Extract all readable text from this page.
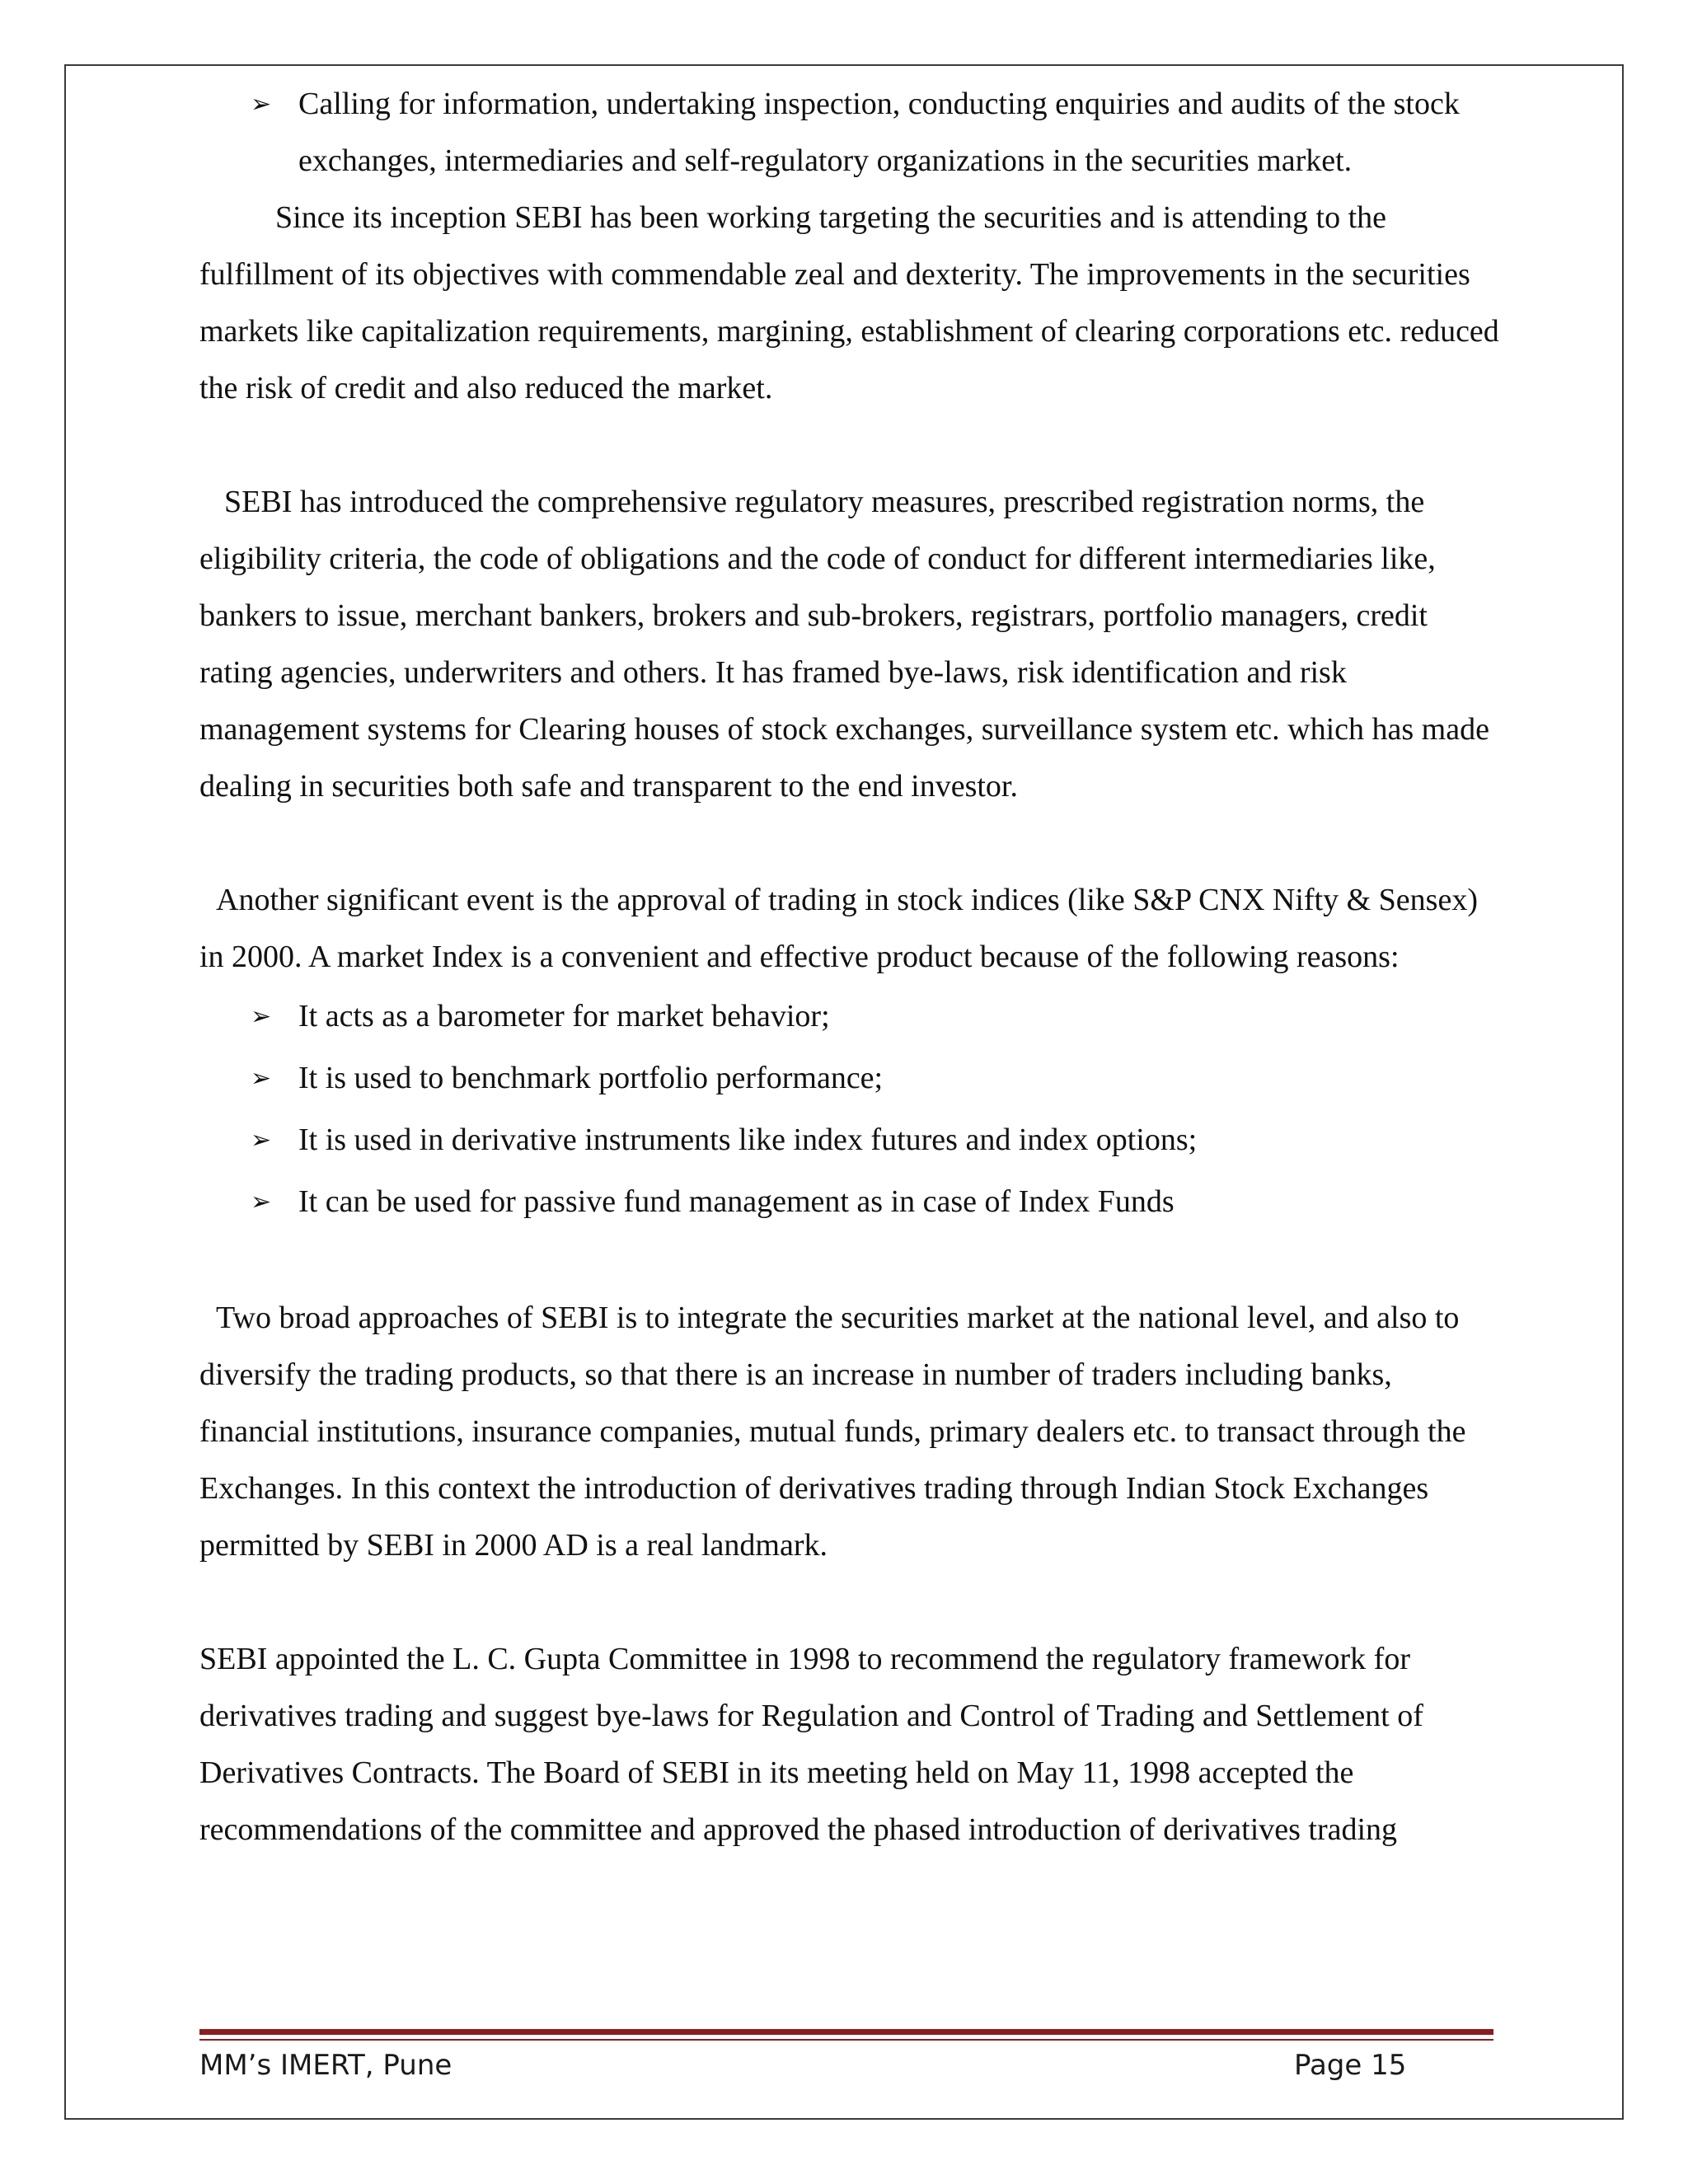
➢ Calling for information, undertaking inspection, conducting enquiries and audits of the stock exchanges, intermediaries and self-regulatory organizations in the securities market.

Since its inception SEBI has been working targeting the securities and is attending to the fulfillment of its objectives with commendable zeal and dexterity. The improvements in the securities markets like capitalization requirements, margining, establishment of clearing corporations etc. reduced the risk of credit and also reduced the market.

SEBI has introduced the comprehensive regulatory measures, prescribed registration norms, the eligibility criteria, the code of obligations and the code of conduct for different intermediaries like, bankers to issue, merchant bankers, brokers and sub-brokers, registrars, portfolio managers, credit rating agencies, underwriters and others. It has framed bye-laws, risk identification and risk management systems for Clearing houses of stock exchanges, surveillance system etc. which has made dealing in securities both safe and transparent to the end investor.

Another significant event is the approval of trading in stock indices (like S&P CNX Nifty & Sensex) in 2000. A market Index is a convenient and effective product because of the following reasons:

➢ It acts as a barometer for market behavior;
➢ It is used to benchmark portfolio performance;
➢ It is used in derivative instruments like index futures and index options;
➢ It can be used for passive fund management as in case of Index Funds

Two broad approaches of SEBI is to integrate the securities market at the national level, and also to diversify the trading products, so that there is an increase in number of traders including banks, financial institutions, insurance companies, mutual funds, primary dealers etc. to transact through the Exchanges. In this context the introduction of derivatives trading through Indian Stock Exchanges permitted by SEBI in 2000 AD is a real landmark.

SEBI appointed the L. C. Gupta Committee in 1998 to recommend the regulatory framework for derivatives trading and suggest bye-laws for Regulation and Control of Trading and Settlement of Derivatives Contracts. The Board of SEBI in its meeting held on May 11, 1998 accepted the recommendations of the committee and approved the phased introduction of derivatives trading

MM’s IMERT, Pune	Page 15
